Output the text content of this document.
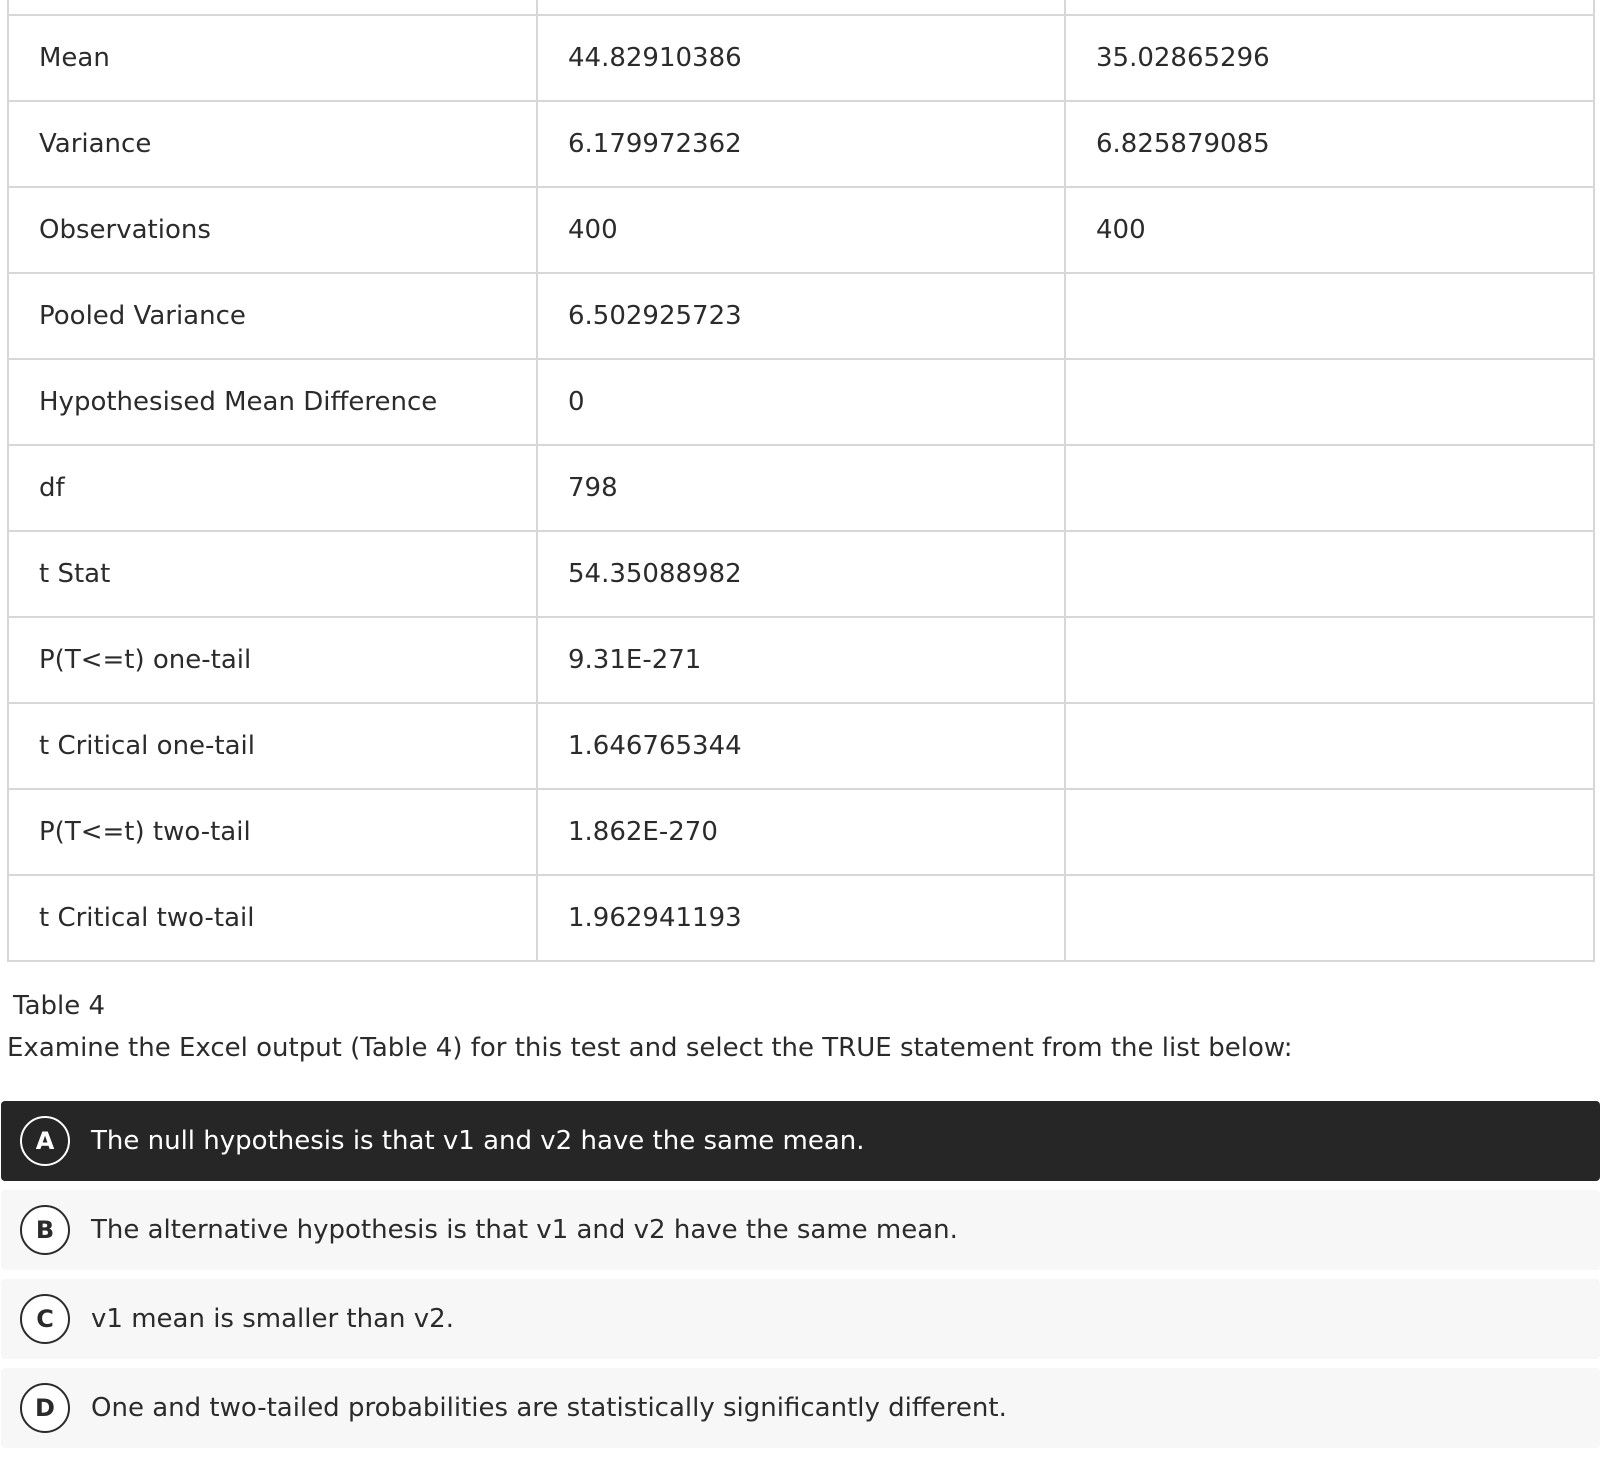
Mean	44.82910386	35.02865296
Variance	6.179972362	6.825879085
Observations	400	400
Pooled Variance	6.502925723	
Hypothesised Mean Difference	0	
df	798	
t Stat	54.35088982	
P(T<=t) one-tail	9.31E-271	
t Critical one-tail	1.646765344	
P(T<=t) two-tail	1.862E-270	
t Critical two-tail	1.962941193	
Table 4
Examine the Excel output (Table 4) for this test and select the TRUE statement from the list below:
A	The null hypothesis is that v1 and v2 have the same mean.
B	The alternative hypothesis is that v1 and v2 have the same mean.
C	v1 mean is smaller than v2.
D	One and two-tailed probabilities are statistically significantly different.
